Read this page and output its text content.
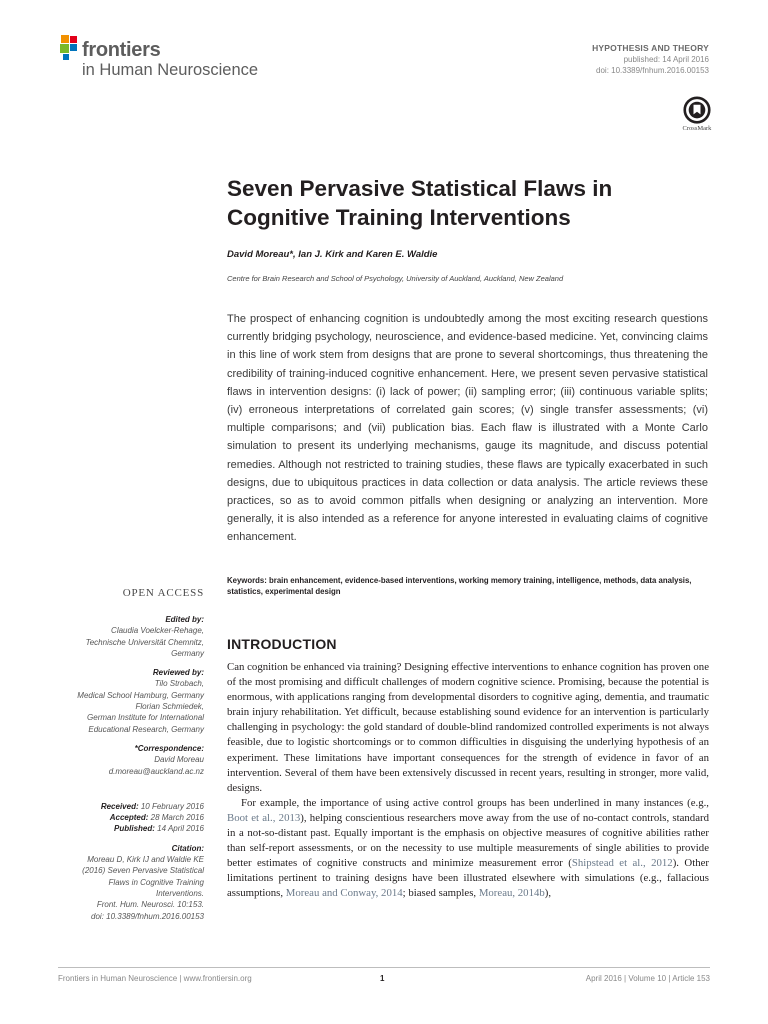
frontiers
in Human Neuroscience
HYPOTHESIS AND THEORY
published: 14 April 2016
doi: 10.3389/fnhum.2016.00153
CrossMark
Seven Pervasive Statistical Flaws in
Cognitive Training Interventions
David Moreau*, Ian J. Kirk and Karen E. Waldie
Centre for Brain Research and School of Psychology, University of Auckland, Auckland, New Zealand
The prospect of enhancing cognition is undoubtedly among the most exciting research questions currently bridging psychology, neuroscience, and evidence-based medicine. Yet, convincing claims in this line of work stem from designs that are prone to several shortcomings, thus threatening the credibility of training-induced cognitive enhancement. Here, we present seven pervasive statistical flaws in intervention designs: (i) lack of power; (ii) sampling error; (iii) continuous variable splits; (iv) erroneous interpretations of correlated gain scores; (v) single transfer assessments; (vi) multiple comparisons; and (vii) publication bias. Each flaw is illustrated with a Monte Carlo simulation to present its underlying mechanisms, gauge its magnitude, and discuss potential remedies. Although not restricted to training studies, these flaws are typically exacerbated in such designs, due to ubiquitous practices in data collection or data analysis. The article reviews these practices, so as to avoid common pitfalls when designing or analyzing an intervention. More generally, it is also intended as a reference for anyone interested in evaluating claims of cognitive enhancement.
Keywords: brain enhancement, evidence-based interventions, working memory training, intelligence, methods, data analysis, statistics, experimental design
OPEN ACCESS
Edited by:
Claudia Voelcker-Rehage,
Technische Universität Chemnitz,
Germany
Reviewed by:
Tilo Strobach,
Medical School Hamburg, Germany
Florian Schmiedek,
German Institute for International
Educational Research, Germany
*Correspondence:
David Moreau
d.moreau@auckland.ac.nz
Received: 10 February 2016
Accepted: 28 March 2016
Published: 14 April 2016
Citation:
Moreau D, Kirk IJ and Waldie KE
(2016) Seven Pervasive Statistical
Flaws in Cognitive Training
Interventions.
Front. Hum. Neurosci. 10:153.
doi: 10.3389/fnhum.2016.00153
INTRODUCTION

Can cognition be enhanced via training? Designing effective interventions to enhance cognition has proven one of the most promising and difficult challenges of modern cognitive science. Promising, because the potential is enormous, with applications ranging from developmental disorders to cognitive aging, dementia, and traumatic brain injury rehabilitation. Yet difficult, because establishing sound evidence for an intervention is particularly challenging in psychology: the gold standard of double-blind randomized controlled experiments is not always feasible, due to logistic shortcomings or to common difficulties in disguising the underlying hypothesis of an experiment. These limitations have important consequences for the strength of evidence in favor of an intervention. Several of them have been extensively discussed in recent years, resulting in stronger, more valid, designs.

For example, the importance of using active control groups has been underlined in many instances (e.g., Boot et al., 2013), helping conscientious researchers move away from the use of no-contact controls, standard in a not-so-distant past. Equally important is the emphasis on objective measures of cognitive abilities rather than self-report assessments, or on the necessity to use multiple measurements of single abilities to provide better estimates of cognitive constructs and minimize measurement error (Shipstead et al., 2012). Other limitations pertinent to training designs have been illustrated elsewhere with simulations (e.g., fallacious assumptions, Moreau and Conway, 2014; biased samples, Moreau, 2014b),

Frontiers in Human Neuroscience | www.frontiersin.org	1	April 2016 | Volume 10 | Article 153
